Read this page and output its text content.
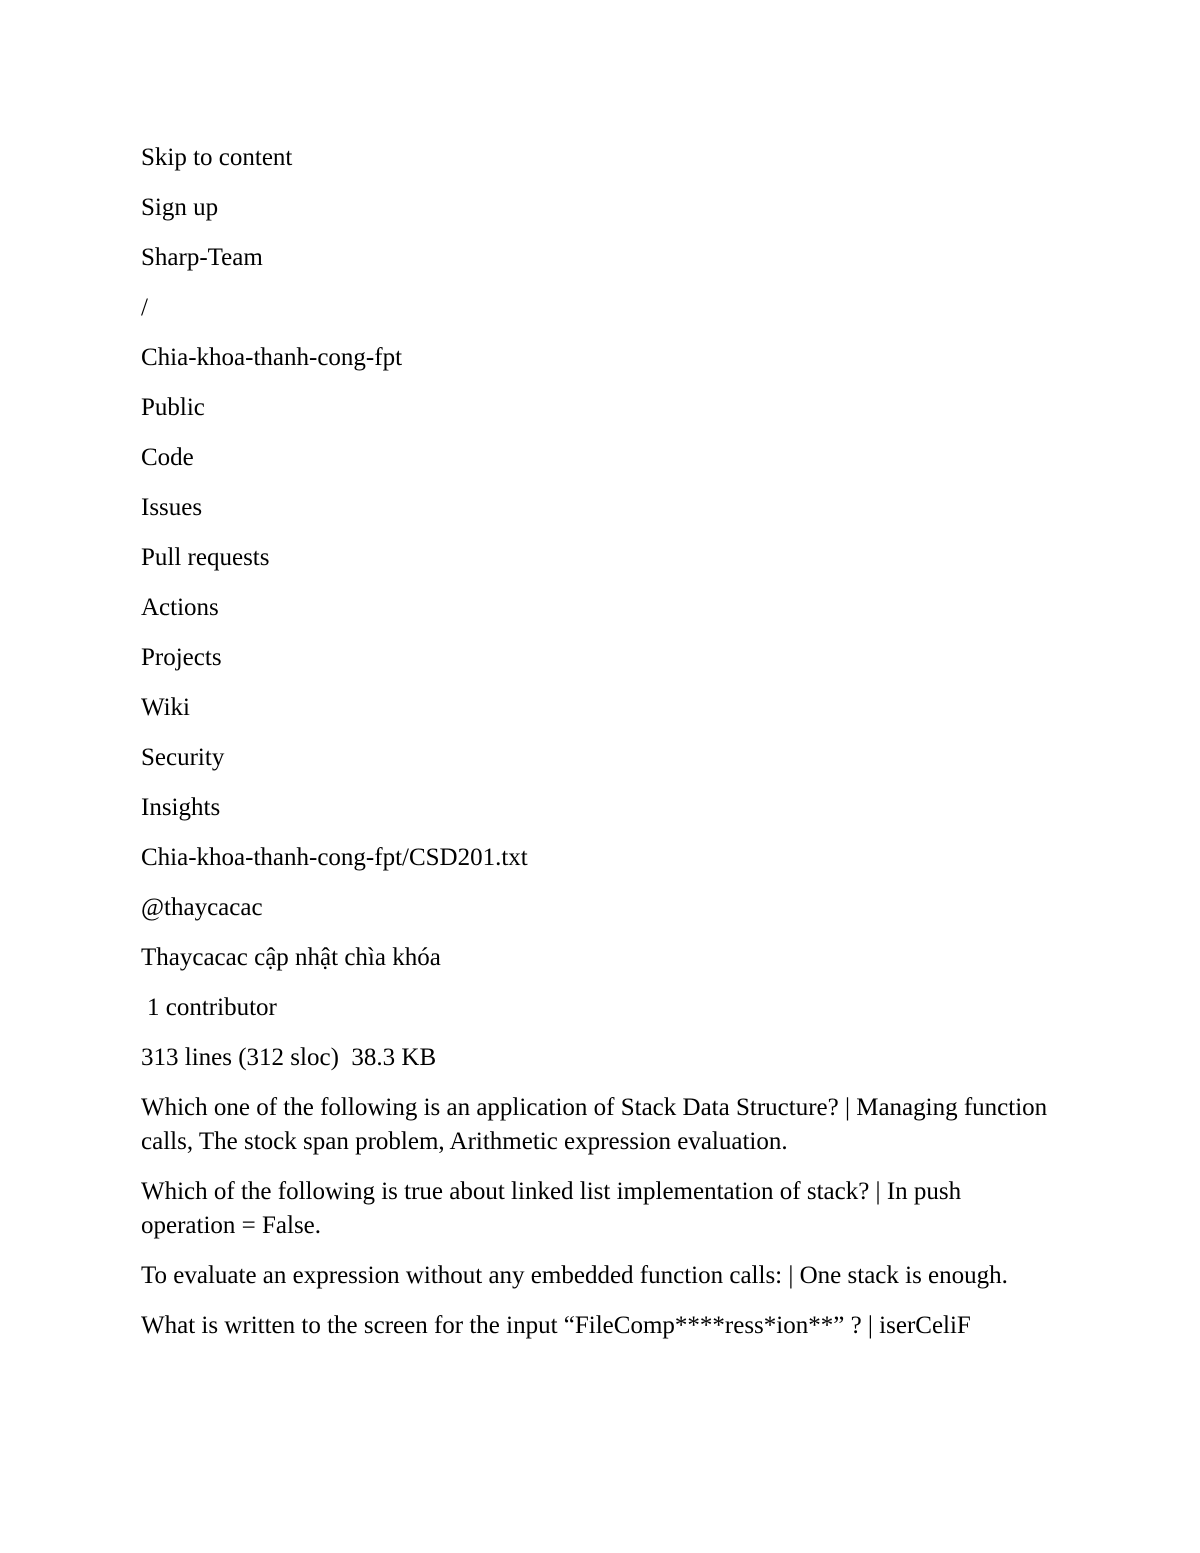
Skip to content
Sign up
Sharp-Team
/
Chia-khoa-thanh-cong-fpt
Public
Code
Issues
Pull requests
Actions
Projects
Wiki
Security
Insights
Chia-khoa-thanh-cong-fpt/CSD201.txt
@thaycacac
Thaycacac cập nhật chìa khóa
1 contributor
313 lines (312 sloc)  38.3 KB
Which one of the following is an application of Stack Data Structure? | Managing function calls, The stock span problem, Arithmetic expression evaluation.
Which of the following is true about linked list implementation of stack? | In push operation = False.
To evaluate an expression without any embedded function calls: | One stack is enough.
What is written to the screen for the input “FileComp****ress*ion**” ? | iserCeliF
